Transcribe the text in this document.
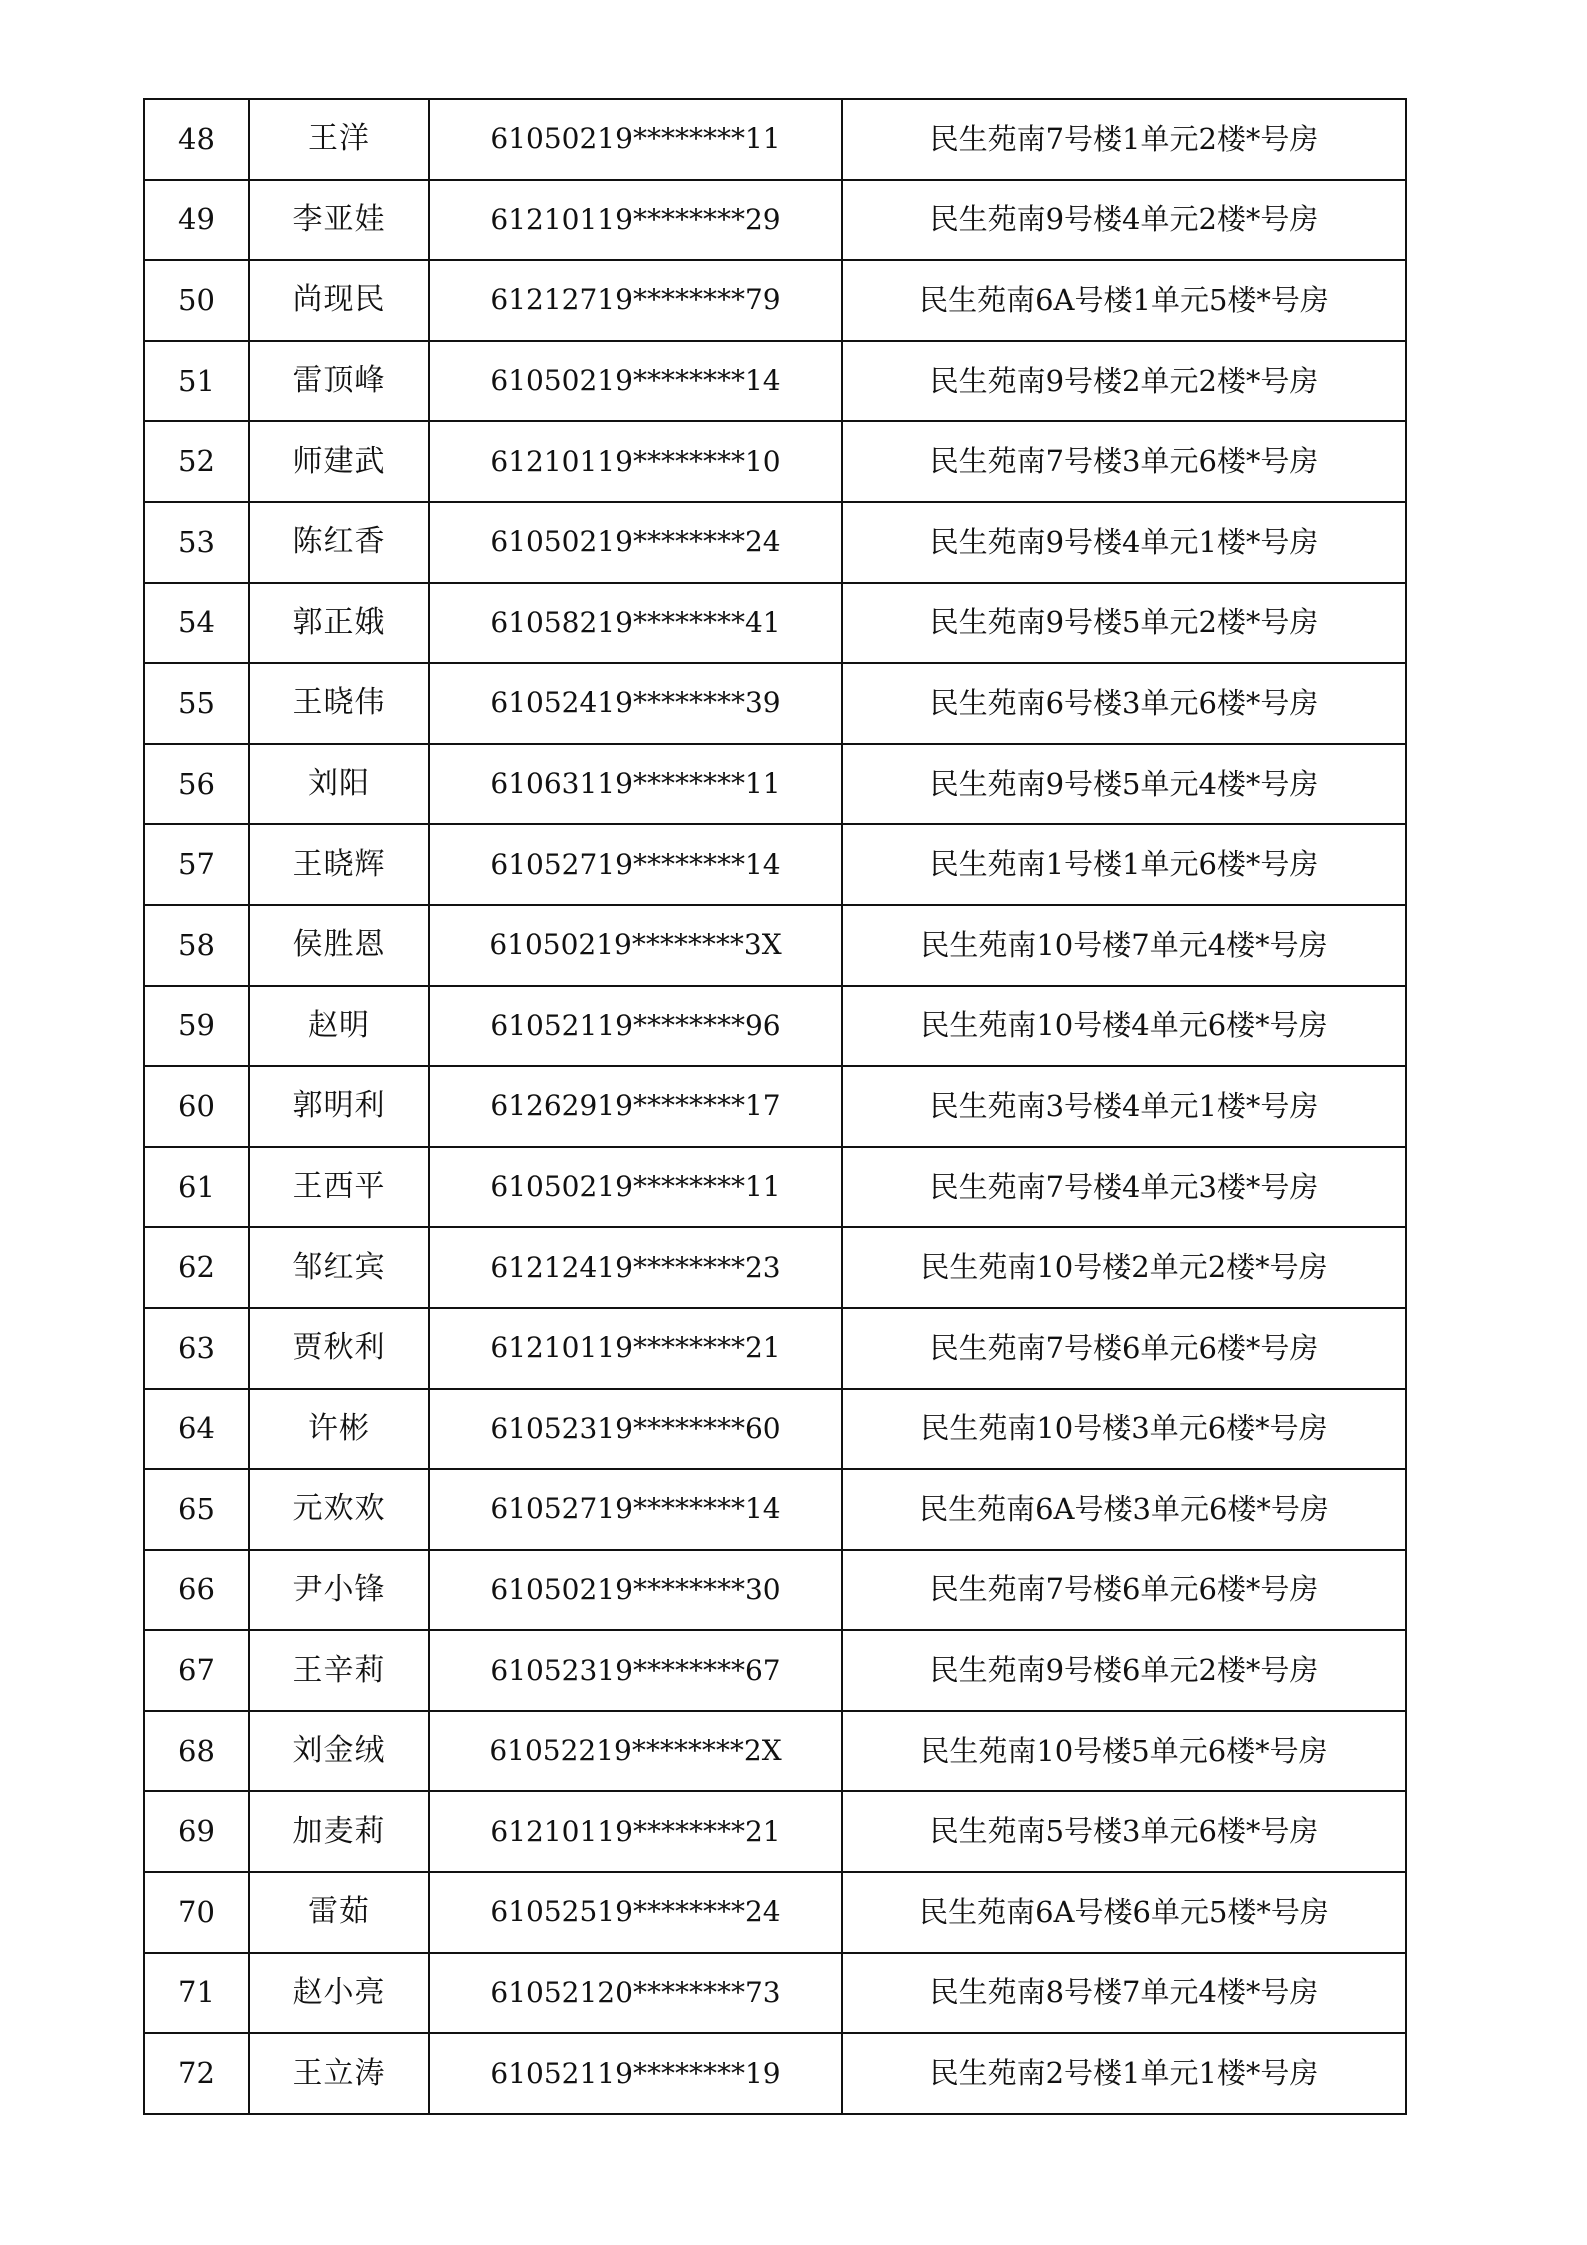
48	王洋	61050219********11	民生苑南7号楼1单元2楼*号房
49	李亚娃	61210119********29	民生苑南9号楼4单元2楼*号房
50	尚现民	61212719********79	民生苑南6A号楼1单元5楼*号房
51	雷顶峰	61050219********14	民生苑南9号楼2单元2楼*号房
52	师建武	61210119********10	民生苑南7号楼3单元6楼*号房
53	陈红香	61050219********24	民生苑南9号楼4单元1楼*号房
54	郭正娥	61058219********41	民生苑南9号楼5单元2楼*号房
55	王晓伟	61052419********39	民生苑南6号楼3单元6楼*号房
56	刘阳	61063119********11	民生苑南9号楼5单元4楼*号房
57	王晓辉	61052719********14	民生苑南1号楼1单元6楼*号房
58	侯胜恩	61050219********3X	民生苑南10号楼7单元4楼*号房
59	赵明	61052119********96	民生苑南10号楼4单元6楼*号房
60	郭明利	61262919********17	民生苑南3号楼4单元1楼*号房
61	王西平	61050219********11	民生苑南7号楼4单元3楼*号房
62	邹红宾	61212419********23	民生苑南10号楼2单元2楼*号房
63	贾秋利	61210119********21	民生苑南7号楼6单元6楼*号房
64	许彬	61052319********60	民生苑南10号楼3单元6楼*号房
65	元欢欢	61052719********14	民生苑南6A号楼3单元6楼*号房
66	尹小锋	61050219********30	民生苑南7号楼6单元6楼*号房
67	王辛莉	61052319********67	民生苑南9号楼6单元2楼*号房
68	刘金绒	61052219********2X	民生苑南10号楼5单元6楼*号房
69	加麦莉	61210119********21	民生苑南5号楼3单元6楼*号房
70	雷茹	61052519********24	民生苑南6A号楼6单元5楼*号房
71	赵小亮	61052120********73	民生苑南8号楼7单元4楼*号房
72	王立涛	61052119********19	民生苑南2号楼1单元1楼*号房
